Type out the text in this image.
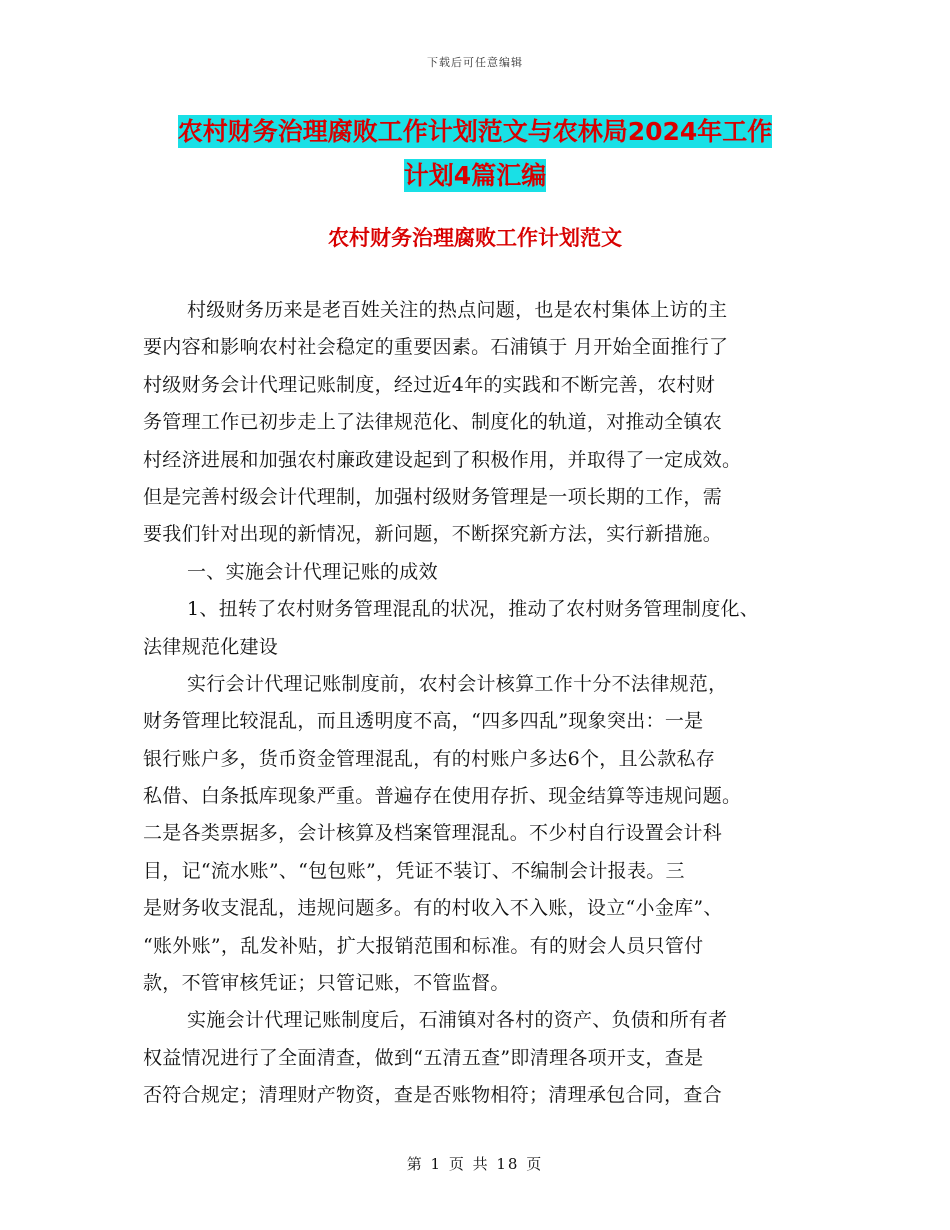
下载后可任意编辑
农村财务治理腐败工作计划范文与农林局2024年工作
计划4篇汇编
农村财务治理腐败工作计划范文
村级财务历来是老百姓关注的热点问题，也是农村集体上访的主
要内容和影响农村社会稳定的重要因素。石浦镇于 月开始全面推行了
村级财务会计代理记账制度，经过近4年的实践和不断完善，农村财
务管理工作已初步走上了法律规范化、制度化的轨道，对推动全镇农
村经济进展和加强农村廉政建设起到了积极作用，并取得了一定成效。
但是完善村级会计代理制，加强村级财务管理是一项长期的工作，需
要我们针对出现的新情况，新问题，不断探究新方法，实行新措施。
一、实施会计代理记账的成效
1、扭转了农村财务管理混乱的状况，推动了农村财务管理制度化、
法律规范化建设
实行会计代理记账制度前，农村会计核算工作十分不法律规范，
财务管理比较混乱，而且透明度不高，“四多四乱”现象突出：一是
银行账户多，货币资金管理混乱，有的村账户多达6个，且公款私存
私借、白条抵库现象严重。普遍存在使用存折、现金结算等违规问题。
二是各类票据多，会计核算及档案管理混乱。不少村自行设置会计科
目，记“流水账”、“包包账”，凭证不装订、不编制会计报表。三
是财务收支混乱，违规问题多。有的村收入不入账，设立“小金库”、
“账外账”，乱发补贴，扩大报销范围和标准。有的财会人员只管付
款，不管审核凭证；只管记账，不管监督。
实施会计代理记账制度后，石浦镇对各村的资产、负债和所有者
权益情况进行了全面清查，做到“五清五查”即清理各项开支，查是
否符合规定；清理财产物资，查是否账物相符；清理承包合同，查合
第 1 页 共 18 页
